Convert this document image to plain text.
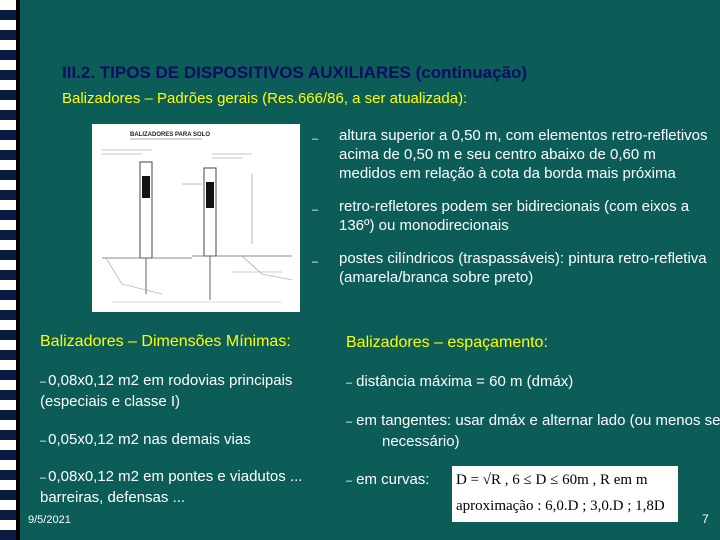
III.2. TIPOS DE DISPOSITIVOS AUXILIARES (continuação)
Balizadores – Padrões gerais (Res.666/86, a ser atualizada):
BALIZADORES PARA SOLO	– altura superior a 0,50 m, com elementos retro-refletivos acima de 0,50 m e seu centro abaixo de 0,60 m medidos em relação à cota da borda mais próxima
– retro-refletores podem ser bidirecionais (com eixos a 136º) ou monodirecionais
– postes cilíndricos (traspassáveis): pintura retro-refletiva (amarela/branca sobre preto)
Balizadores – Dimensões Mínimas:	Balizadores – espaçamento:
– 0,08x0,12 m2 em rodovias principais (especiais e classe I)
– 0,05x0,12 m2 nas demais vias
– 0,08x0,12 m2 em pontes e viadutos ... barreiras, defensas ...
– distância máxima = 60 m (dmáx)
– em tangentes: usar dmáx e alternar lado (ou menos se necessário)
– em curvas:	D = √R , 6 ≤ D ≤ 60m , R em m
aproximação : 6,0.D ; 3,0.D ; 1,8D
9/5/2021	7
